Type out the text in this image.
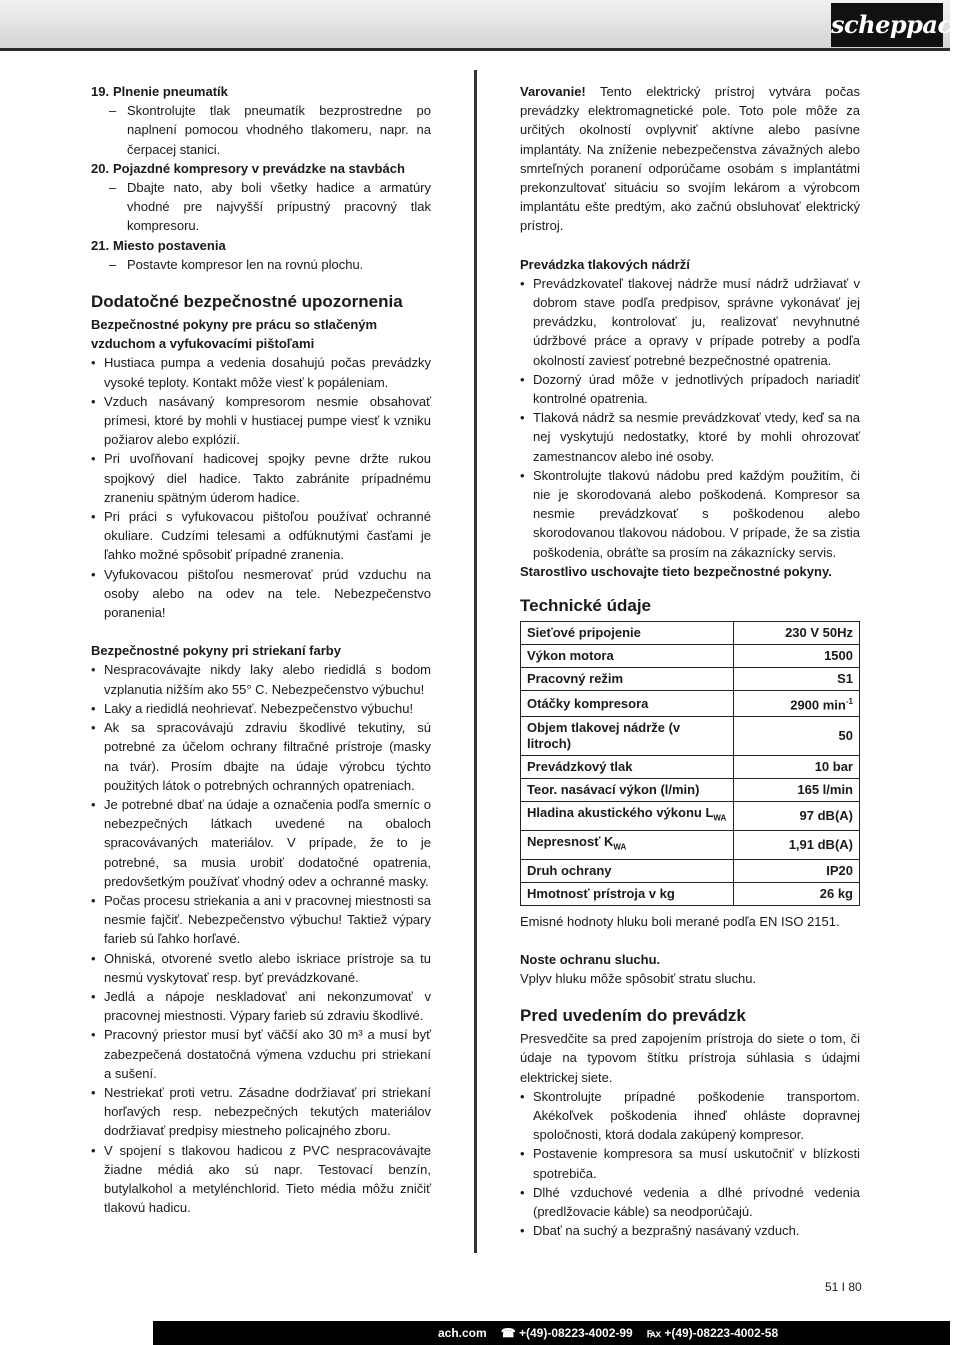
scheppach
19. Plnenie pneumatík
– Skontrolujte tlak pneumatík bezprostredne po naplnení pomocou vhodného tlakomeru, napr. na čerpacej stanici.
20. Pojazdné kompresory v prevádzke na stavbách
– Dbajte nato, aby boli všetky hadice a armatúry vhodné pre najvyšší prípustný pracovný tlak kompresoru.
21. Miesto postavenia
– Postavte kompresor len na rovnú plochu.
Dodatočné bezpečnostné upozornenia
Bezpečnostné pokyny pre prácu so stlačeným vzduchom a vyfukovacími pištoľami
• Hustiaca pumpa a vedenia dosahujú počas prevádzky vysoké teploty. Kontakt môže viesť k popáleniam.
• Vzduch nasávaný kompresorom nesmie obsahovať prímesi, ktoré by mohli v hustiacej pumpe viesť k vzniku požiarov alebo explózií.
• Pri uvoľňovaní hadicovej spojky pevne držte rukou spojkový diel hadice. Takto zabránite prípadnému zraneniu spätným úderom hadice.
• Pri práci s vyfukovacou pištoľou používať ochranné okuliare. Cudzími telesami a odfúknutými časťami je ľahko možné spôsobiť prípadné zranenia.
• Vyfukovacou pištoľou nesmerovať prúd vzduchu na osoby alebo na odev na tele. Nebezpečenstvo poranenia!
Bezpečnostné pokyny pri striekaní farby
• Nespracovávajte nikdy laky alebo riedidlá s bodom vzplanutia nižším ako 55° C. Nebezpečenstvo výbuchu!
• Laky a riedidlá neohrievať. Nebezpečenstvo výbuchu!
• Ak sa spracovávajú zdraviu škodlivé tekutiny, sú potrebné za účelom ochrany filtračné prístroje (masky na tvár). Prosím dbajte na údaje výrobcu týchto použitých látok o potrebných ochranných opatreniach.
• Je potrebné dbať na údaje a označenia podľa smerníc o nebezpečných látkach uvedené na obaloch spracovávaných materiálov. V prípade, že to je potrebné, sa musia urobiť dodatočné opatrenia, predovšetkým používať vhodný odev a ochranné masky.
• Počas procesu striekania a ani v pracovnej miestnosti sa nesmie fajčiť. Nebezpečenstvo výbuchu! Taktiež výpary farieb sú ľahko horľavé.
• Ohniská, otvorené svetlo alebo iskriace prístroje sa tu nesmú vyskytovať resp. byť prevádzkované.
• Jedlá a nápoje neskladovať ani nekonzumovať v pracovnej miestnosti. Výpary farieb sú zdraviu škodlivé.
• Pracovný priestor musí byť väčší ako 30 m³ a musí byť zabezpečená dostatočná výmena vzduchu pri striekaní a sušení.
• Nestriekať proti vetru. Zásadne dodržiavať pri striekaní horľavých resp. nebezpečných tekutých materiálov dodržiavať predpisy miestneho policajného zboru.
• V spojení s tlakovou hadicou z PVC nespracovávajte žiadne médiá ako sú napr. Testovací benzín, butylalkohol a metylénchlorid. Tieto média môžu zničiť tlakovú hadicu.
Varovanie! Tento elektrický prístroj vytvára počas prevádzky elektromagnetické pole. Toto pole môže za určitých okolností ovplyvniť aktívne alebo pasívne implantáty. Na zníženie nebezpečenstva závažných alebo smrteľných poranení odporúčame osobám s implantátmi prekonzultovať situáciu so svojím lekárom a výrobcom implantátu ešte predtým, ako začnú obsluhovať elektrický prístroj.
Prevádzka tlakových nádrží
• Prevádzkovateľ tlakovej nádrže musí nádrž udržiavať v dobrom stave podľa predpisov, správne vykonávať jej prevádzku, kontrolovať ju, realizovať nevyhnutné údržbové práce a opravy v prípade potreby a podľa okolností zaviesť potrebné bezpečnostné opatrenia.
• Dozorný úrad môže v jednotlivých prípadoch nariadiť kontrolné opatrenia.
• Tlaková nádrž sa nesmie prevádzkovať vtedy, keď sa na nej vyskytujú nedostatky, ktoré by mohli ohrozovať zamestnancov alebo iné osoby.
• Skontrolujte tlakovú nádobu pred každým použitím, či nie je skorodovaná alebo poškodená. Kompresor sa nesmie prevádzkovať s poškodenou alebo skorodovanou tlakovou nádobou. V prípade, že sa zistia poškodenia, obráťte sa prosím na zákaznícky servis.
Starostlivo uschovajte tieto bezpečnostné pokyny.
Technické údaje
Sieťové pripojenie	230 V 50Hz
Výkon motora	1500
Pracovný režim	S1
Otáčky kompresora	2900 $\min^{-1}$
Objem tlakovej nádrže (v litroch)	50
Prevádzkový tlak	10 bar
Teor. nasávací výkon (l/min)	165 l/min
Hladina akustického výkonu $L_{WA}$	97 dB(A)
Nepresnosť $K_{WA}$	1,91 dB(A)
Druh ochrany	IP20
Hmotnosť prístroja v kg	26 kg
Emisné hodnoty hluku boli merané podľa EN ISO 2151.
Noste ochranu sluchu.
Vplyv hluku môže spôsobiť stratu sluchu.
Pred uvedením do prevádzk
Presvedčite sa pred zapojením prístroja do siete o tom, či údaje na typovom štítku prístroja súhlasia s údajmi elektrickej siete.
• Skontrolujte prípadné poškodenie transportom. Akékoľvek poškodenia ihneď ohláste dopravnej spoločnosti, ktorá dodala zakúpený kompresor.
• Postavenie kompresora sa musí uskutočniť v blízkosti spotrebiča.
• Dlhé vzduchové vedenia a dlhé prívodné vedenia (predlžovacie káble) sa neodporúčajú.
• Dbať na suchý a bezprašný nasávaný vzduch.
51 I 80
ach.com ☎ +(49)-08223-4002-99 ℻ +(49)-08223-4002-58
